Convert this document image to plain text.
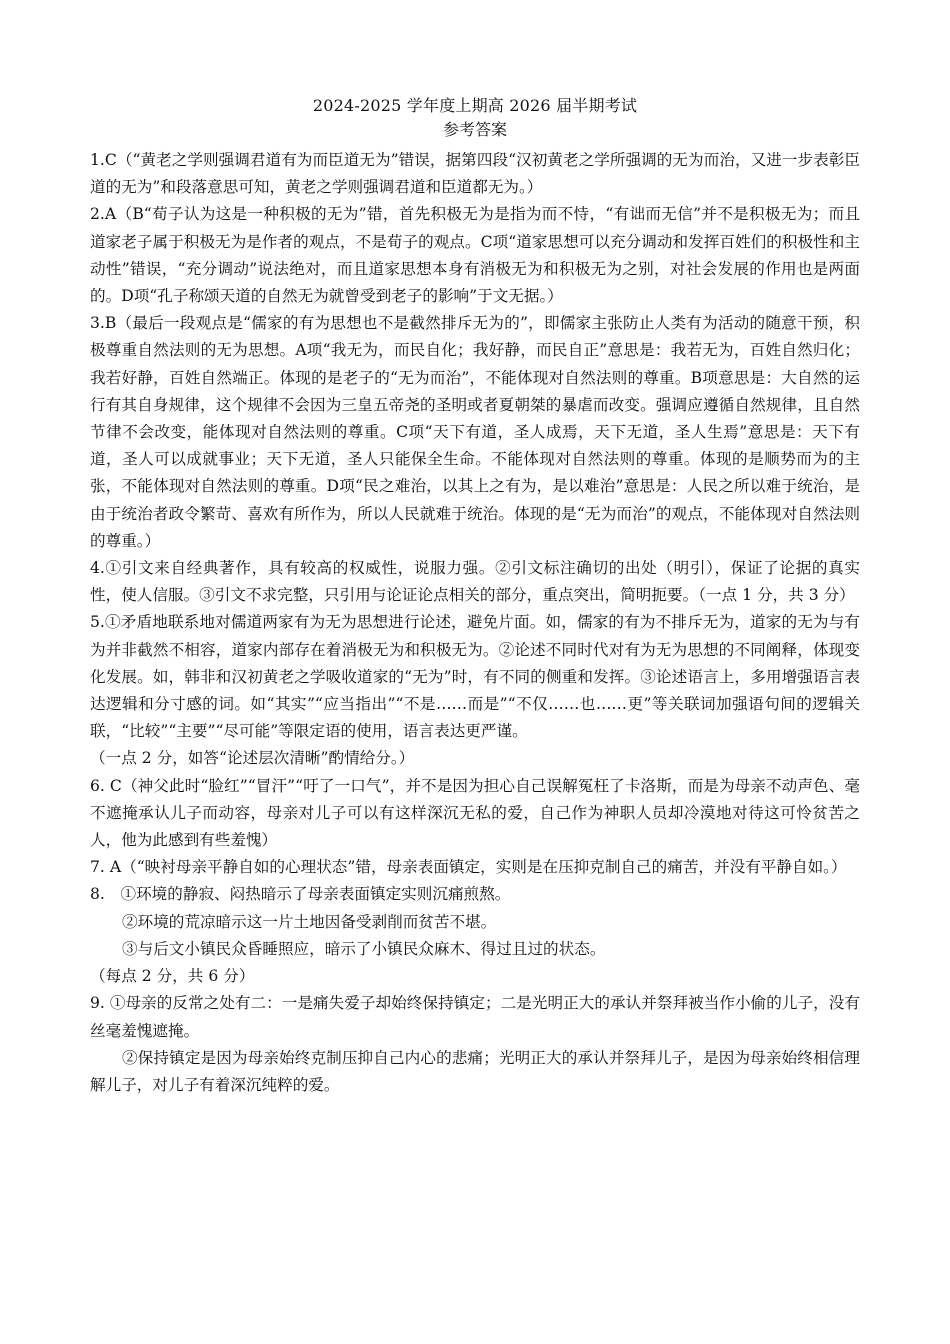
2024-2025 学年度上期高 2026 届半期考试
参考答案

1.C（“黄老之学则强调君道有为而臣道无为”错误，据第四段“汉初黄老之学所强调的无为而治，又进一步表彰臣道的无为”和段落意思可知，黄老之学则强调君道和臣道都无为。）

2.A（B“荀子认为这是一种积极的无为”错，首先积极无为是指为而不恃，“有诎而无信”并不是积极无为；而且道家老子属于积极无为是作者的观点，不是荀子的观点。C项“道家思想可以充分调动和发挥百姓们的积极性和主动性”错误，“充分调动”说法绝对，而且道家思想本身有消极无为和积极无为之别，对社会发展的作用也是两面的。D项“孔子称颂天道的自然无为就曾受到老子的影响”于文无据。）

3.B（最后一段观点是“儒家的有为思想也不是截然排斥无为的”，即儒家主张防止人类有为活动的随意干预，积极尊重自然法则的无为思想。A项“我无为，而民自化；我好静，而民自正”意思是：我若无为，百姓自然归化；我若好静，百姓自然端正。体现的是老子的“无为而治”，不能体现对自然法则的尊重。B项意思是：大自然的运行有其自身规律，这个规律不会因为三皇五帝尧的圣明或者夏朝桀的暴虐而改变。强调应遵循自然规律，且自然节律不会改变，能体现对自然法则的尊重。C项“天下有道，圣人成焉，天下无道，圣人生焉”意思是：天下有道，圣人可以成就事业；天下无道，圣人只能保全生命。不能体现对自然法则的尊重。体现的是顺势而为的主张，不能体现对自然法则的尊重。D项“民之难治，以其上之有为，是以难治”意思是：人民之所以难于统治，是由于统治者政令繁苛、喜欢有所作为，所以人民就难于统治。体现的是“无为而治”的观点，不能体现对自然法则的尊重。）

4.①引文来自经典著作，具有较高的权威性，说服力强。②引文标注确切的出处（明引），保证了论据的真实性，使人信服。③引文不求完整，只引用与论证论点相关的部分，重点突出，简明扼要。（一点 1 分，共 3 分）

5.①矛盾地联系地对儒道两家有为无为思想进行论述，避免片面。如，儒家的有为不排斥无为，道家的无为与有为并非截然不相容，道家内部存在着消极无为和积极无为。②论述不同时代对有为无为思想的不同阐释，体现变化发展。如，韩非和汉初黄老之学吸收道家的“无为”时，有不同的侧重和发挥。③论述语言上，多用增强语言表达逻辑和分寸感的词。如“其实”“应当指出”“不是……而是”“不仅……也……更”等关联词加强语句间的逻辑关联，“比较”“主要”“尽可能”等限定语的使用，语言表达更严谨。

（一点 2 分，如答“论述层次清晰”酌情给分。）

6. C（神父此时“脸红”“冒汗”“吁了一口气”，并不是因为担心自己误解冤枉了卡洛斯，而是为母亲不动声色、毫不遮掩承认儿子而动容，母亲对儿子可以有这样深沉无私的爱，自己作为神职人员却冷漠地对待这可怜贫苦之人，他为此感到有些羞愧）

7. A（“映衬母亲平静自如的心理状态”错，母亲表面镇定，实则是在压抑克制自己的痛苦，并没有平静自如。）

8.　①环境的静寂、闷热暗示了母亲表面镇定实则沉痛煎熬。

②环境的荒凉暗示这一片土地因备受剥削而贫苦不堪。

③与后文小镇民众昏睡照应，暗示了小镇民众麻木、得过且过的状态。

（每点 2 分，共 6 分）

9. ①母亲的反常之处有二：一是痛失爱子却始终保持镇定；二是光明正大的承认并祭拜被当作小偷的儿子，没有丝毫羞愧遮掩。

②保持镇定是因为母亲始终克制压抑自己内心的悲痛；光明正大的承认并祭拜儿子，是因为母亲始终相信理解儿子，对儿子有着深沉纯粹的爱。
